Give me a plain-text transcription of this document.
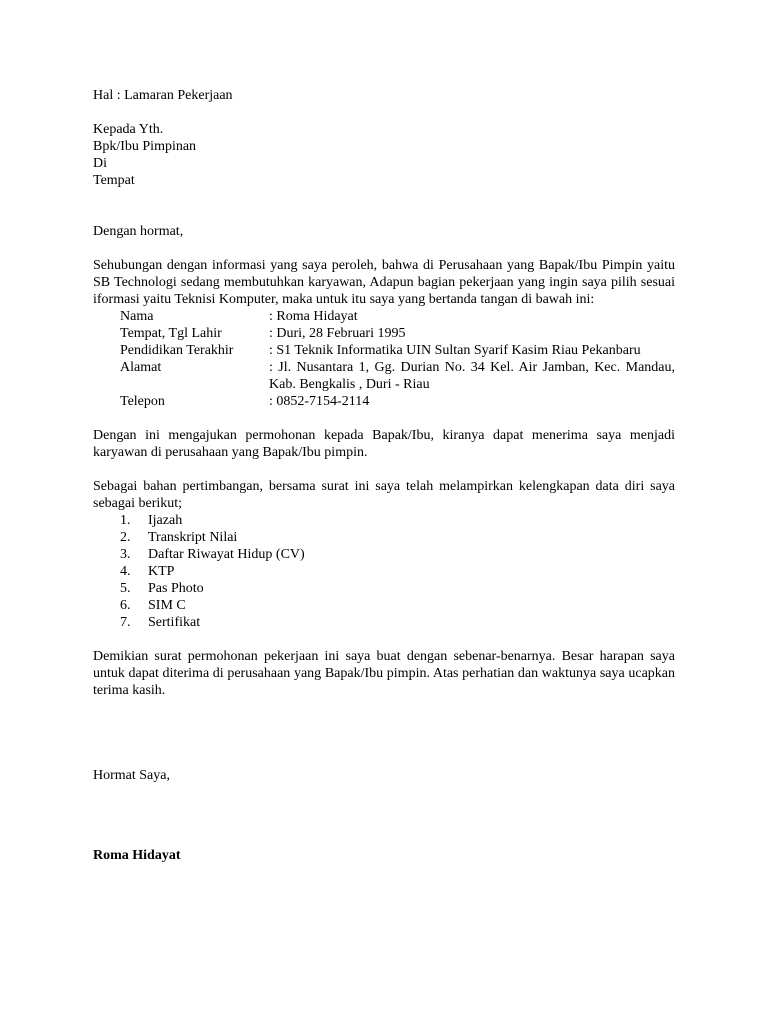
Hal : Lamaran Pekerjaan
Kepada Yth.
Bpk/Ibu Pimpinan
Di
Tempat
Dengan hormat,
Sehubungan dengan informasi yang saya peroleh, bahwa di Perusahaan yang Bapak/Ibu Pimpin yaitu SB Technologi sedang membutuhkan karyawan, Adapun bagian pekerjaan yang ingin saya pilih sesuai iformasi yaitu Teknisi Komputer, maka untuk itu saya yang bertanda tangan di bawah ini:
Nama	: Roma Hidayat
Tempat, Tgl Lahir	: Duri, 28 Februari 1995
Pendidikan Terakhir	: S1 Teknik Informatika UIN Sultan Syarif Kasim Riau Pekanbaru
Alamat	: Jl. Nusantara 1, Gg. Durian No. 34 Kel. Air Jamban, Kec. Mandau, Kab. Bengkalis , Duri - Riau
Telepon	: 0852-7154-2114
Dengan ini mengajukan permohonan kepada Bapak/Ibu, kiranya dapat menerima saya menjadi karyawan di perusahaan yang Bapak/Ibu pimpin.
Sebagai bahan pertimbangan, bersama surat ini saya telah melampirkan kelengkapan data diri saya sebagai berikut;
1.	Ijazah
2.	Transkript Nilai
3.	Daftar Riwayat Hidup (CV)
4.	KTP
5.	Pas Photo
6.	SIM C
7.	Sertifikat
Demikian surat permohonan pekerjaan ini saya buat dengan sebenar-benarnya. Besar harapan saya untuk dapat diterima di perusahaan yang Bapak/Ibu pimpin. Atas perhatian dan waktunya saya ucapkan terima kasih.
Hormat Saya,
Roma Hidayat
